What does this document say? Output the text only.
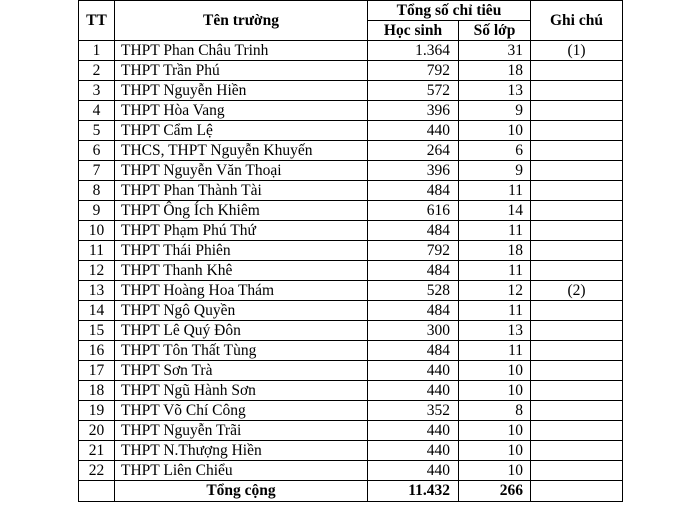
TT	Tên trường	Tổng số chỉ tiêu		Ghi chú
		Học sinh	Số lớp	
1	THPT Phan Châu Trinh	1.364	31	(1)
2	THPT Trần Phú	792	18	
3	THPT Nguyễn Hiền	572	13	
4	THPT Hòa Vang	396	9	
5	THPT Cẩm Lệ	440	10	
6	THCS, THPT Nguyễn Khuyến	264	6	
7	THPT Nguyễn Văn Thoại	396	9	
8	THPT Phan Thành Tài	484	11	
9	THPT Ông Ích Khiêm	616	14	
10	THPT Phạm Phú Thứ	484	11	
11	THPT Thái Phiên	792	18	
12	THPT Thanh Khê	484	11	
13	THPT Hoàng Hoa Thám	528	12	(2)
14	THPT Ngô Quyền	484	11	
15	THPT Lê Quý Đôn	300	13	
16	THPT Tôn Thất Tùng	484	11	
17	THPT Sơn Trà	440	10	
18	THPT Ngũ Hành Sơn	440	10	
19	THPT Võ Chí Công	352	8	
20	THPT Nguyễn Trãi	440	10	
21	THPT N.Thượng Hiền	440	10	
22	THPT Liên Chiểu	440	10	
	Tổng cộng	11.432	266	
